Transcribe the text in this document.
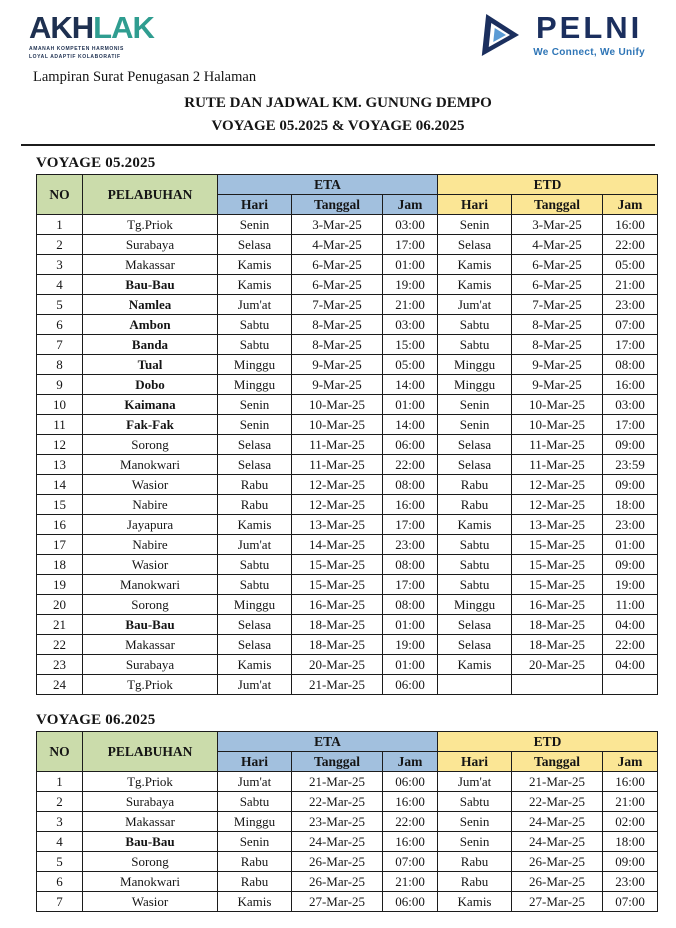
AKHLAK
AMANAH KOMPETEN HARMONIS
LOYAL ADAPTIF KOLABORATIF
PELNI
We Connect, We Unify
Lampiran Surat Penugasan 2 Halaman
RUTE DAN JADWAL KM. GUNUNG DEMPO
VOYAGE 05.2025 & VOYAGE 06.2025
VOYAGE 05.2025
NO	PELABUHAN	ETA			ETD		
		Hari	Tanggal	Jam	Hari	Tanggal	Jam
1	Tg.Priok	Senin	3-Mar-25	03:00	Senin	3-Mar-25	16:00
2	Surabaya	Selasa	4-Mar-25	17:00	Selasa	4-Mar-25	22:00
3	Makassar	Kamis	6-Mar-25	01:00	Kamis	6-Mar-25	05:00
4	Bau-Bau	Kamis	6-Mar-25	19:00	Kamis	6-Mar-25	21:00
5	Namlea	Jum'at	7-Mar-25	21:00	Jum'at	7-Mar-25	23:00
6	Ambon	Sabtu	8-Mar-25	03:00	Sabtu	8-Mar-25	07:00
7	Banda	Sabtu	8-Mar-25	15:00	Sabtu	8-Mar-25	17:00
8	Tual	Minggu	9-Mar-25	05:00	Minggu	9-Mar-25	08:00
9	Dobo	Minggu	9-Mar-25	14:00	Minggu	9-Mar-25	16:00
10	Kaimana	Senin	10-Mar-25	01:00	Senin	10-Mar-25	03:00
11	Fak-Fak	Senin	10-Mar-25	14:00	Senin	10-Mar-25	17:00
12	Sorong	Selasa	11-Mar-25	06:00	Selasa	11-Mar-25	09:00
13	Manokwari	Selasa	11-Mar-25	22:00	Selasa	11-Mar-25	23:59
14	Wasior	Rabu	12-Mar-25	08:00	Rabu	12-Mar-25	09:00
15	Nabire	Rabu	12-Mar-25	16:00	Rabu	12-Mar-25	18:00
16	Jayapura	Kamis	13-Mar-25	17:00	Kamis	13-Mar-25	23:00
17	Nabire	Jum'at	14-Mar-25	23:00	Sabtu	15-Mar-25	01:00
18	Wasior	Sabtu	15-Mar-25	08:00	Sabtu	15-Mar-25	09:00
19	Manokwari	Sabtu	15-Mar-25	17:00	Sabtu	15-Mar-25	19:00
20	Sorong	Minggu	16-Mar-25	08:00	Minggu	16-Mar-25	11:00
21	Bau-Bau	Selasa	18-Mar-25	01:00	Selasa	18-Mar-25	04:00
22	Makassar	Selasa	18-Mar-25	19:00	Selasa	18-Mar-25	22:00
23	Surabaya	Kamis	20-Mar-25	01:00	Kamis	20-Mar-25	04:00
24	Tg.Priok	Jum'at	21-Mar-25	06:00			
VOYAGE 06.2025
NO	PELABUHAN	ETA			ETD		
		Hari	Tanggal	Jam	Hari	Tanggal	Jam
1	Tg.Priok	Jum'at	21-Mar-25	06:00	Jum'at	21-Mar-25	16:00
2	Surabaya	Sabtu	22-Mar-25	16:00	Sabtu	22-Mar-25	21:00
3	Makassar	Minggu	23-Mar-25	22:00	Senin	24-Mar-25	02:00
4	Bau-Bau	Senin	24-Mar-25	16:00	Senin	24-Mar-25	18:00
5	Sorong	Rabu	26-Mar-25	07:00	Rabu	26-Mar-25	09:00
6	Manokwari	Rabu	26-Mar-25	21:00	Rabu	26-Mar-25	23:00
7	Wasior	Kamis	27-Mar-25	06:00	Kamis	27-Mar-25	07:00
